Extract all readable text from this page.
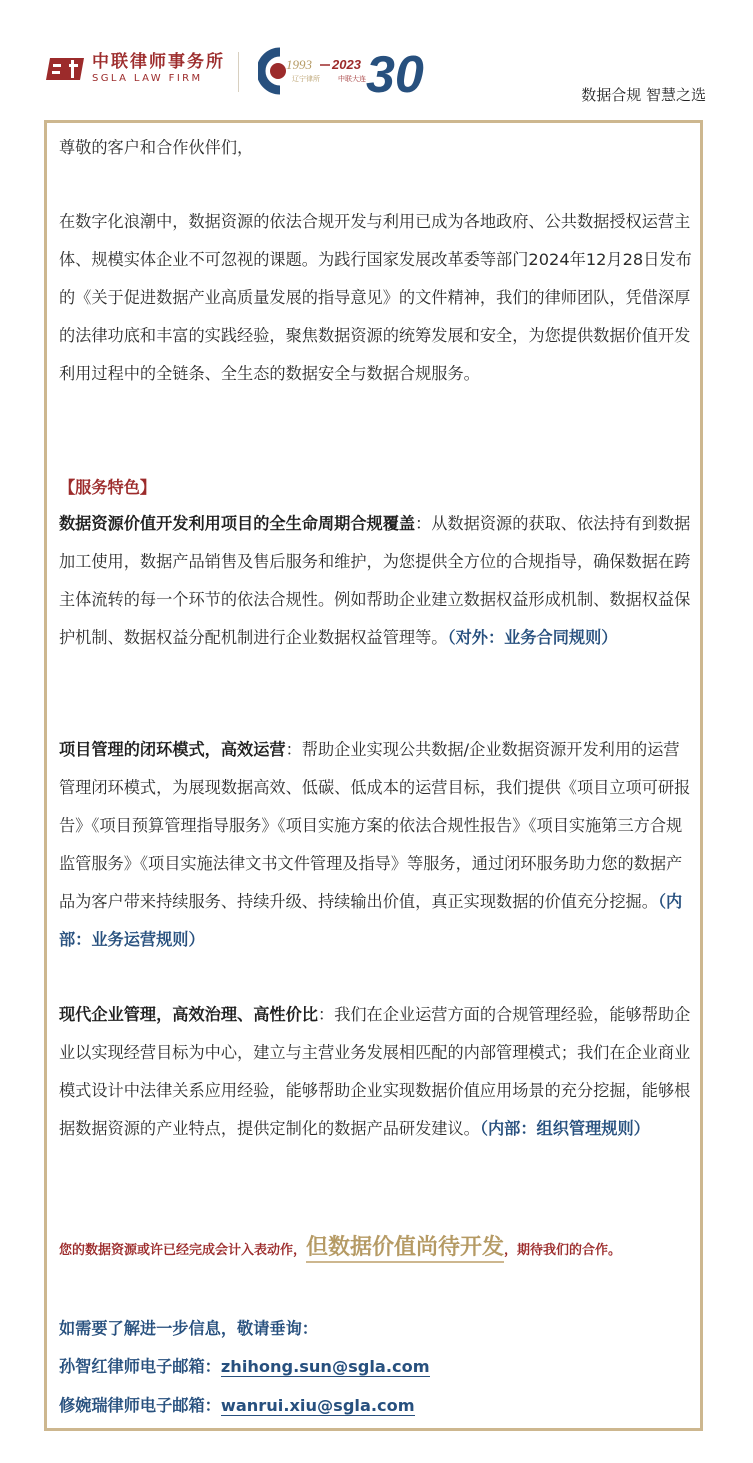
中联律师事务所
SGLA LAW FIRM
1993 2023
辽宁律所	中联大连 30	数据合规 智慧之选

尊敬的客户和合作伙伴们，

在数字化浪潮中，数据资源的依法合规开发与利用已成为各地政府、公共数据授权运营主体、规模实体企业不可忽视的课题。为践行国家发展改革委等部门2024年12月28日发布的《关于促进数据产业高质量发展的指导意见》的文件精神，我们的律师团队，凭借深厚的法律功底和丰富的实践经验，聚焦数据资源的统筹发展和安全，为您提供数据价值开发利用过程中的全链条、全生态的数据安全与数据合规服务。

【服务特色】

数据资源价值开发利用项目的全生命周期合规覆盖：从数据资源的获取、依法持有到数据加工使用，数据产品销售及售后服务和维护，为您提供全方位的合规指导，确保数据在跨主体流转的每一个环节的依法合规性。例如帮助企业建立数据权益形成机制、数据权益保护机制、数据权益分配机制进行企业数据权益管理等。（对外：业务合同规则）

项目管理的闭环模式，高效运营：帮助企业实现公共数据/企业数据资源开发利用的运营管理闭环模式，为展现数据高效、低碳、低成本的运营目标，我们提供《项目立项可研报告》《项目预算管理指导服务》《项目实施方案的依法合规性报告》《项目实施第三方合规监管服务》《项目实施法律文书文件管理及指导》等服务，通过闭环服务助力您的数据产品为客户带来持续服务、持续升级、持续输出价值，真正实现数据的价值充分挖掘。（内部：业务运营规则）

现代企业管理，高效治理、高性价比：我们在企业运营方面的合规管理经验，能够帮助企业以实现经营目标为中心，建立与主营业务发展相匹配的内部管理模式；我们在企业商业模式设计中法律关系应用经验，能够帮助企业实现数据价值应用场景的充分挖掘，能够根据数据资源的产业特点，提供定制化的数据产品研发建议。（内部：组织管理规则）

您的数据资源或许已经完成会计入表动作，但数据价值尚待开发，期待我们的合作。

如需要了解进一步信息，敬请垂询：

孙智红律师电子邮箱：zhihong.sun@sgla.com

修婉瑞律师电子邮箱：wanrui.xiu@sgla.com
